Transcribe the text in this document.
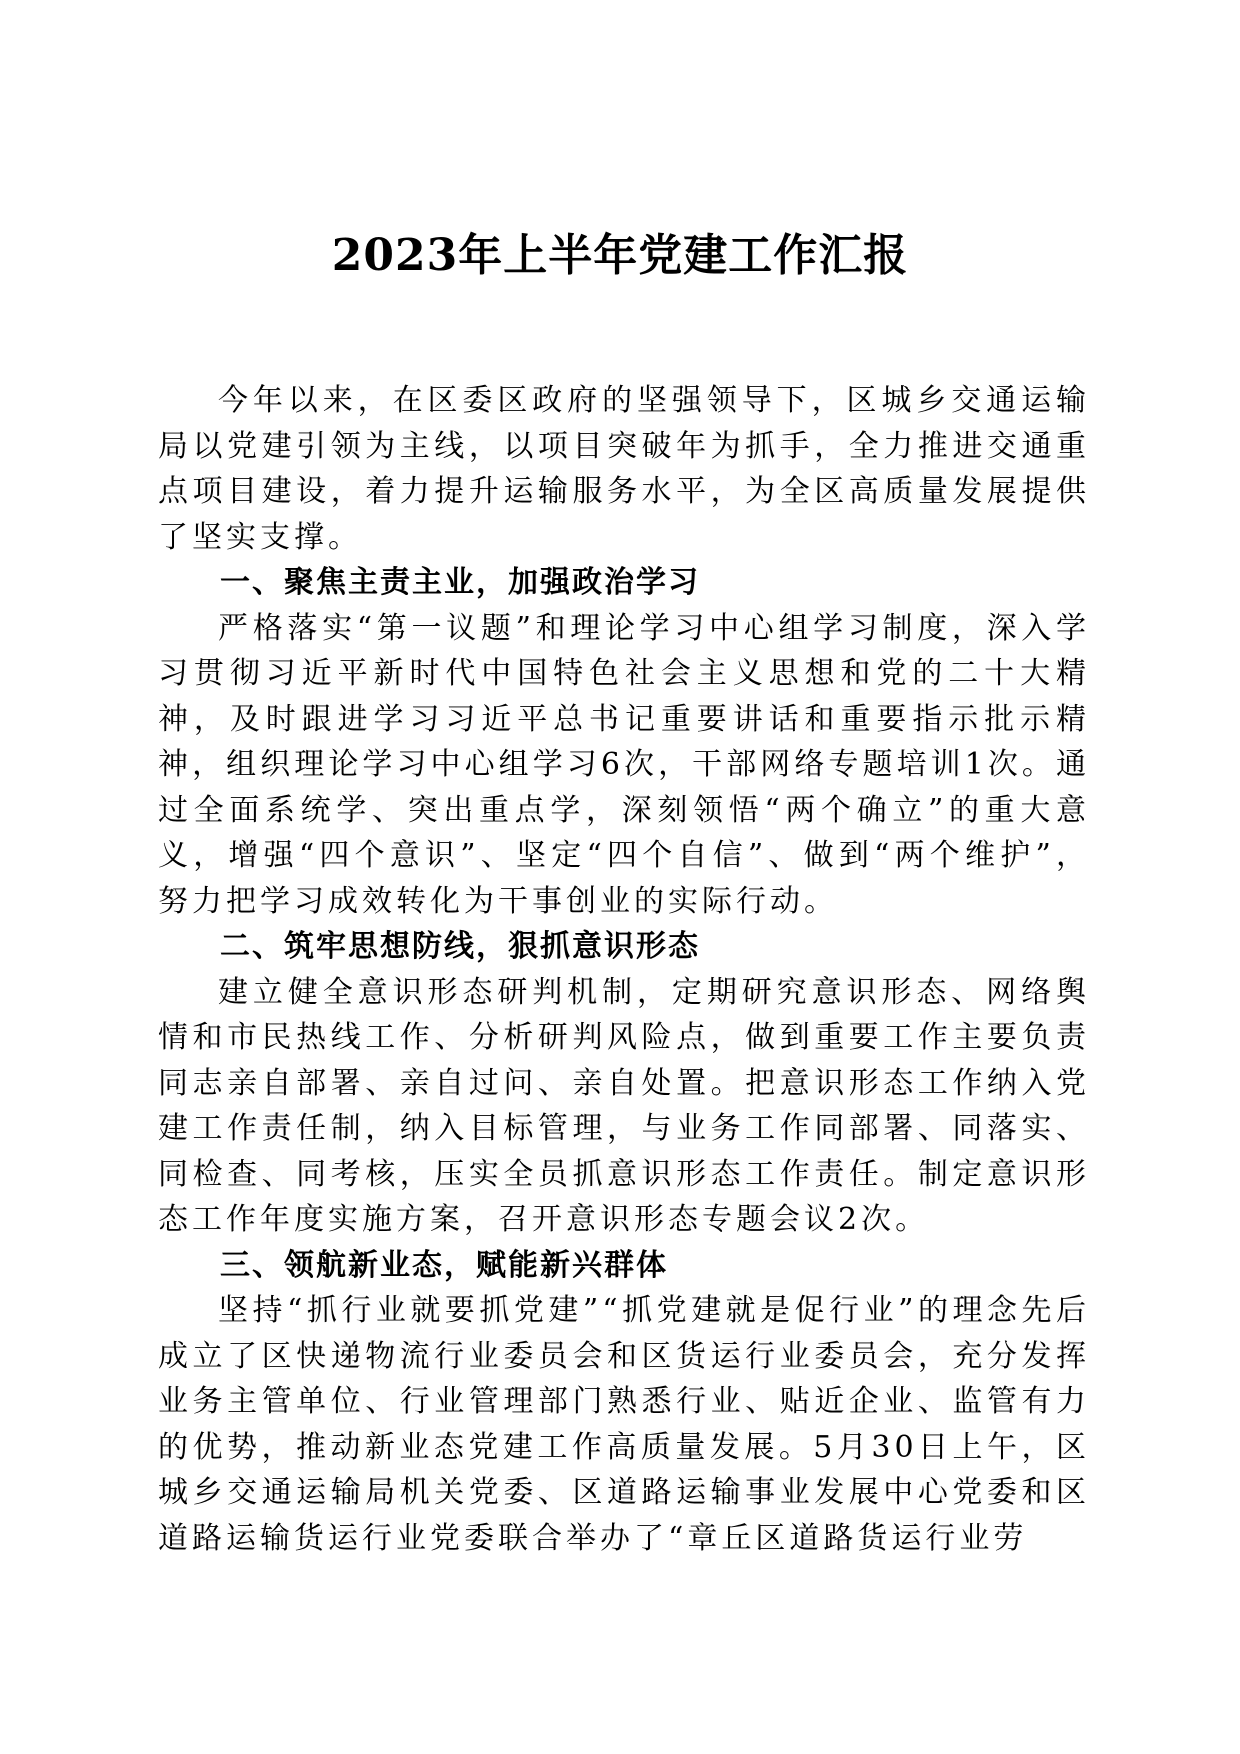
2023年上半年党建工作汇报

今年以来，在区委区政府的坚强领导下，区城乡交通运输局以党建引领为主线，以项目突破年为抓手，全力推进交通重点项目建设，着力提升运输服务水平，为全区高质量发展提供了坚实支撑。

一、聚焦主责主业，加强政治学习

严格落实“第一议题”和理论学习中心组学习制度，深入学习贯彻习近平新时代中国特色社会主义思想和党的二十大精神，及时跟进学习习近平总书记重要讲话和重要指示批示精神，组织理论学习中心组学习6次，干部网络专题培训1次。通过全面系统学、突出重点学，深刻领悟“两个确立”的重大意义，增强“四个意识”、坚定“四个自信”、做到“两个维护”，努力把学习成效转化为干事创业的实际行动。

二、筑牢思想防线，狠抓意识形态

建立健全意识形态研判机制，定期研究意识形态、网络舆情和市民热线工作、分析研判风险点，做到重要工作主要负责同志亲自部署、亲自过问、亲自处置。把意识形态工作纳入党建工作责任制，纳入目标管理，与业务工作同部署、同落实、同检查、同考核，压实全员抓意识形态工作责任。制定意识形态工作年度实施方案，召开意识形态专题会议2次。

三、领航新业态，赋能新兴群体

坚持“抓行业就要抓党建”“抓党建就是促行业”的理念先后成立了区快递物流行业委员会和区货运行业委员会，充分发挥业务主管单位、行业管理部门熟悉行业、贴近企业、监管有力的优势，推动新业态党建工作高质量发展。5月30日上午，区城乡交通运输局机关党委、区道路运输事业发展中心党委和区道路运输货运行业党委联合举办了“章丘区道路货运行业劳
